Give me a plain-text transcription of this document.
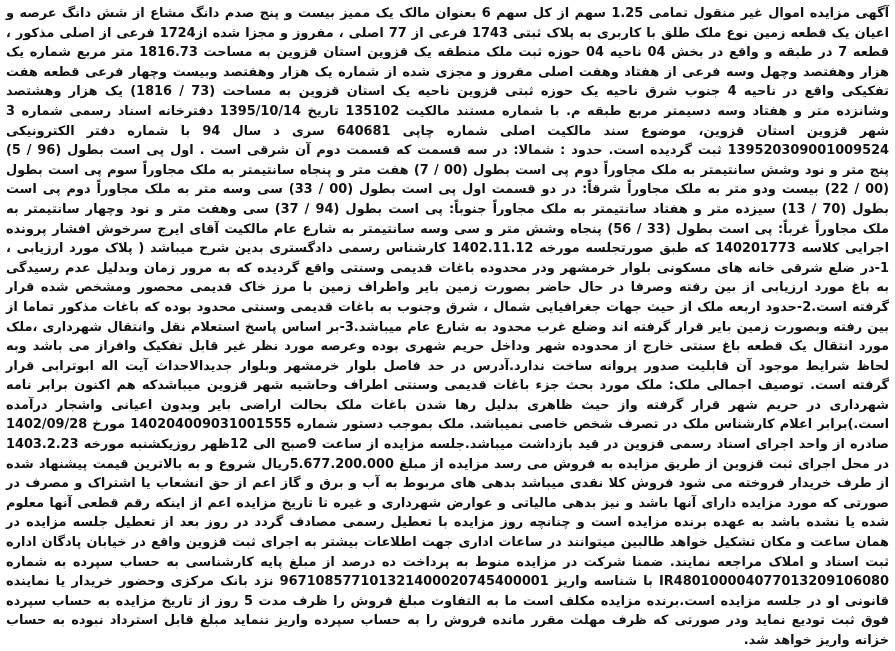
آگهی مزایده اموال غیر منقول تمامی 1.25 سهم از کل سهم 6 بعنوان مالک یک ممیز بیست و پنج صدم دانگ مشاع از شش دانگ عرصه و اعیان یک قطعه زمین نوع ملک طلق با کاربری به پلاک ثبتی 1743 فرعی از 77 اصلی ، مفروز و مجزا شده از1724 فرعی از اصلی مذکور ، قطعه 7 در طبقه و واقع در بخش 04 ناحیه 04 حوزه ثبت ملک منطقه یک قزوین استان قزوین به مساحت 1816.73 متر مربع شماره یک هزار وهفتصد وچهل وسه فرعی از هفتاد وهفت اصلی مفروز و مجزی شده از شماره یک هزار وهفتصد وبیست وچهار فرعی قطعه هفت تفکیکی واقع در ناحیه 4 جنوب شرق ناحیه یک حوزه ثبتی قزوین ناحیه یک استان قزوین به مساحت (73 / 1816) یک هزار وهشتصد وشانزده متر و هفتاد وسه دسیمتر مربع طبقه م. با شماره مستند مالکیت 135102 تاریخ 1395/10/14 دفترخانه اسناد رسمی شماره 3 شهر قزوین استان قزوین، موضوع سند مالکیت اصلی شماره چاپی 640681 سری د سال 94 با شماره دفتر الکترونیکی 139520309001009524 ثبت گردیده است. حدود : شمالا: در سه قسمت که قسمت دوم آن شرقی است . اول پی است بطول (96 / 5) پنج متر و نود وشش سانتیمتر به ملک مجاوراً دوم پی است بطول (00 / 7) هفت متر و پنجاه سانتیمتر به ملک مجاوراً سوم پی است بطول (00 / 22) بیست ودو متر به ملک مجاوراً شرقاً: در دو قسمت اول پی است بطول (00 / 33) سی وسه متر به ملک مجاوراً دوم پی است بطول (70 / 13) سیزده متر و هفتاد سانتیمتر به ملک مجاوراً جنوباً: پی است بطول (94 / 37) سی وهفت متر و نود وچهار سانتیمتر به ملک مجاوراً غرباً: پی است بطول (33 / 56) پنجاه وشش متر و سی وسه سانتیمتر به شارع عام مالکیت آقای ایرج سرخوش افشار پرونده اجرایی کلاسه 140201773 که طبق صورتجلسه مورخه 1402.11.12 کارشناس رسمی دادگستری بدین شرح میباشد ( پلاک مورد ارزیابی ، 1-در ضلع شرقی خانه های مسکونی بلوار خرمشهر ودر محدوده باغات قدیمی وسنتی واقع گردیده که به مرور زمان وبدلیل عدم رسیدگی به باغ مورد ارزیابی از بین رفته وصرفا در حال حاضر بصورت زمین بایر واطراف زمین با مرز خاک قدیمی محصور ومشخص شده قرار گرفته است.2-حدود اربعه ملک از حیث جهات جغرافیایی شمال ، شرق وجنوب به باغات قدیمی وسنتی محدود بوده که باغات مذکور تماما از بین رفته وبصورت زمین بایر قرار گرفته اند وضلع غرب محدود به شارع عام میباشد.3-بر اساس پاسخ استعلام نقل وانتقال شهرداری ،ملک مورد انتقال یک قطعه باغ سنتی خارج از محدوده شهر وداخل حریم شهری بوده وعرصه مورد نظر غیر قابل تفکیک وافراز می باشد وبه لحاظ شرایط موجود آن قابلیت صدور پروانه ساخت ندارد.آدرس در حد فاصل بلوار خرمشهر وبلوار جدیدالاحداث آیت اله ابوترابی قرار گرفته است. توصیف اجمالی ملک: ملک مورد بحث جزء باغات قدیمی وسنتی اطراف وحاشیه شهر قزوین میباشدکه هم اکنون برابر نامه شهرداری در حریم شهر قرار گرفته واز حیث ظاهری بدلیل رها شدن باغات ملک بحالت اراضی بایر وبدون اعیانی واشجار درآمده است.)برابر اعلام کارشناس ملک در تصرف شخص خاصی نمیباشد. ملک بموجب دستور شماره 140204009031001555 مورخ 1402/09/28 صادره از واحد اجرای اسناد رسمی قزوین در قید بازداشت میباشد.جلسه مزایده از ساعت 9صبح الی 12ظهر روزیکشنبه مورخه 1403.2.23 در محل اجرای ثبت قزوین از طریق مزایده به فروش می رسد مزایده از مبلغ 5.677.200.000ریال شروع و به بالاترین قیمت پیشنهاد شده از طرف خریدار فروخته می شود فروش کلا نقدی میباشد بدهی های مربوط به آب و برق و گاز اعم از حق انشعاب یا اشتراک و مصرف در صورتی که مورد مزایده دارای آنها باشد و نیز بدهی مالیاتی و عوارض شهرداری و غیره تا تاریخ مزایده اعم از اینکه رقم قطعی آنها معلوم شده یا نشده باشد به عهده برنده مزایده است و چنانچه روز مزایده با تعطیل رسمی مصادف گردد در روز بعد از تعطیل جلسه مزایده در همان ساعت و مکان تشکیل خواهد طالبین میتوانند در ساعات اداری جهت اطلاعات بیشتر به اجرای ثبت قزوین واقع در خیابان پادگان اداره ثبت اسناد و املاک مراجعه نمایند. ضمنا شرکت در مزایده منوط به پرداخت ده درصد از مبلغ پایه کارشناسی به حساب سپرده به شماره IR480100004077013209106080 با شناسه واریز 967108577101321400020745400001 نزد بانک مرکزی وحضور خریدار یا نماینده قانونی او در جلسه مزایده است.برنده مزایده مکلف است ما به التفاوت مبلغ فروش را ظرف مدت 5 روز از تاریخ مزایده به حساب سپرده فوق ثبت تودیع نماید ودر صورتی که ظرف مهلت مقرر مانده فروش را به حساب سپرده واریز ننماید مبلغ قابل استرداد نبوده به حساب خزانه واریز خواهد شد.
